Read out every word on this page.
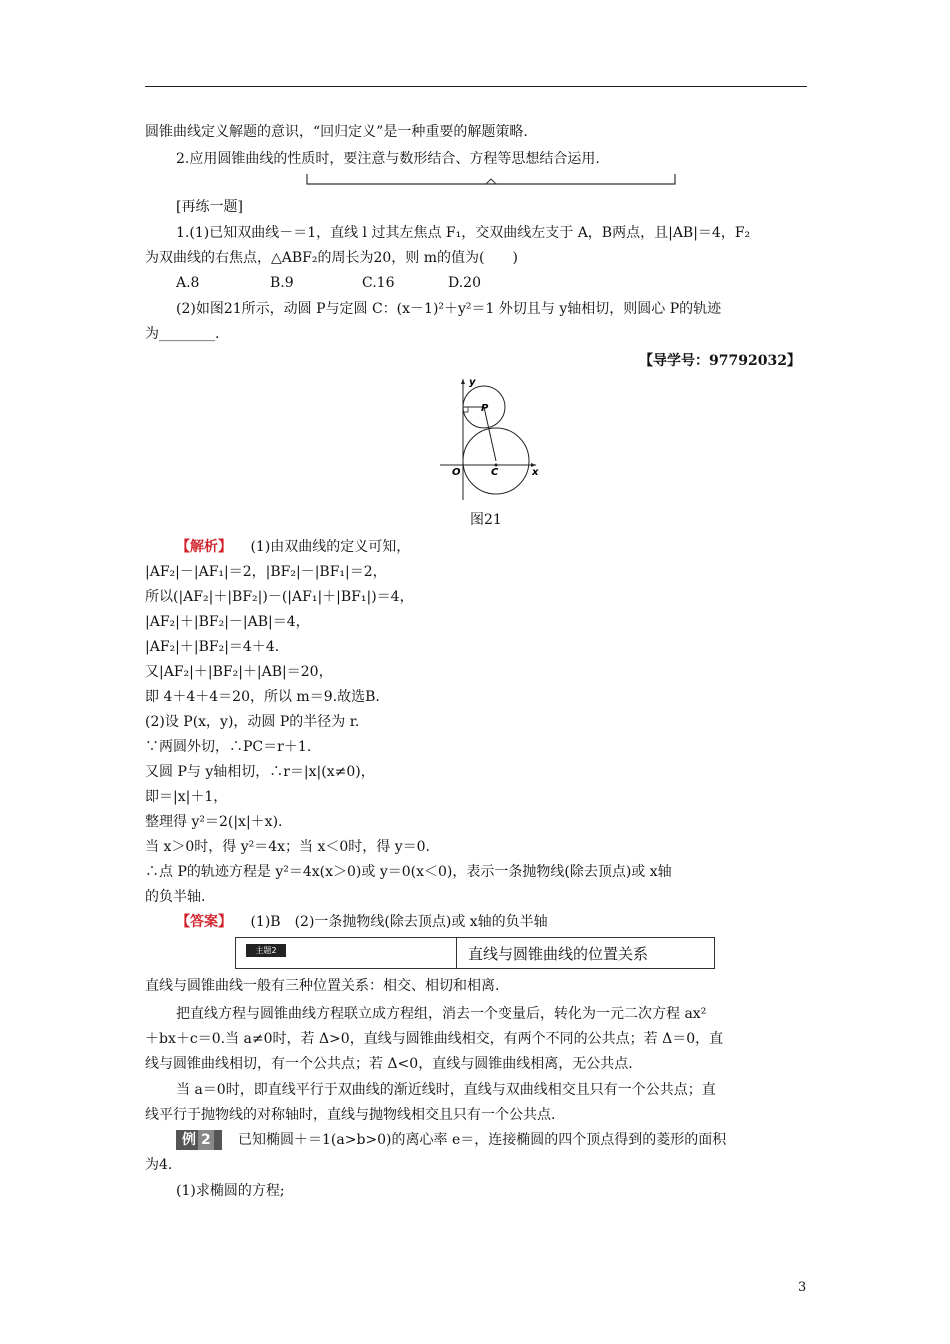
圆锥曲线定义解题的意识，“回归定义”是一种重要的解题策略.
2.应用圆锥曲线的性质时，要注意与数形结合、方程等思想结合运用.
[再练一题]
1.(1)已知双曲线－＝1，直线 l 过其左焦点 F₁，交双曲线左支于 A，B两点，且|AB|＝4，F₂
为双曲线的右焦点，△ABF₂的周长为20，则 m的值为(　　)
A.8	B.9	C.16	D.20
(2)如图21所示，动圆 P与定圆 C：(x－1)²＋y²＝1 外切且与 y轴相切，则圆心 P的轨迹
为________.
【导学号：97792032】
y
x
O
P
C
图21
【解析】 (1)由双曲线的定义可知，
|AF₂|－|AF₁|＝2，|BF₂|－|BF₁|＝2，
所以(|AF₂|＋|BF₂|)－(|AF₁|＋|BF₁|)＝4，
|AF₂|＋|BF₂|－|AB|＝4，
|AF₂|＋|BF₂|＝4＋4.
又|AF₂|＋|BF₂|＋|AB|＝20，
即 4＋4＋4＝20，所以 m＝9.故选B.
(2)设 P(x，y)，动圆 P的半径为 r.
∵两圆外切，∴PC＝r＋1.
又圆 P与 y轴相切，∴r＝|x|(x≠0)，
即＝|x|＋1，
整理得 y²＝2(|x|＋x).
当 x＞0时，得 y²＝4x；当 x＜0时，得 y＝0.
∴点 P的轨迹方程是 y²＝4x(x＞0)或 y＝0(x＜0)，表示一条抛物线(除去顶点)或 x轴
的负半轴.
【答案】 (1)B　(2)一条抛物线(除去顶点)或 x轴的负半轴
主题2	直线与圆锥曲线的位置关系
直线与圆锥曲线一般有三种位置关系：相交、相切和相离.
把直线方程与圆锥曲线方程联立成方程组，消去一个变量后，转化为一元二次方程 ax²
＋bx＋c＝0.当 a≠0时，若 Δ>0，直线与圆锥曲线相交，有两个不同的公共点；若 Δ＝0，直
线与圆锥曲线相切，有一个公共点；若 Δ<0，直线与圆锥曲线相离，无公共点.
当 a＝0时，即直线平行于双曲线的渐近线时，直线与双曲线相交且只有一个公共点；直
线平行于抛物线的对称轴时，直线与抛物线相交且只有一个公共点.
例 2	已知椭圆＋＝1(a>b>0)的离心率 e＝，连接椭圆的四个顶点得到的菱形的面积
为4.
(1)求椭圆的方程;
3
